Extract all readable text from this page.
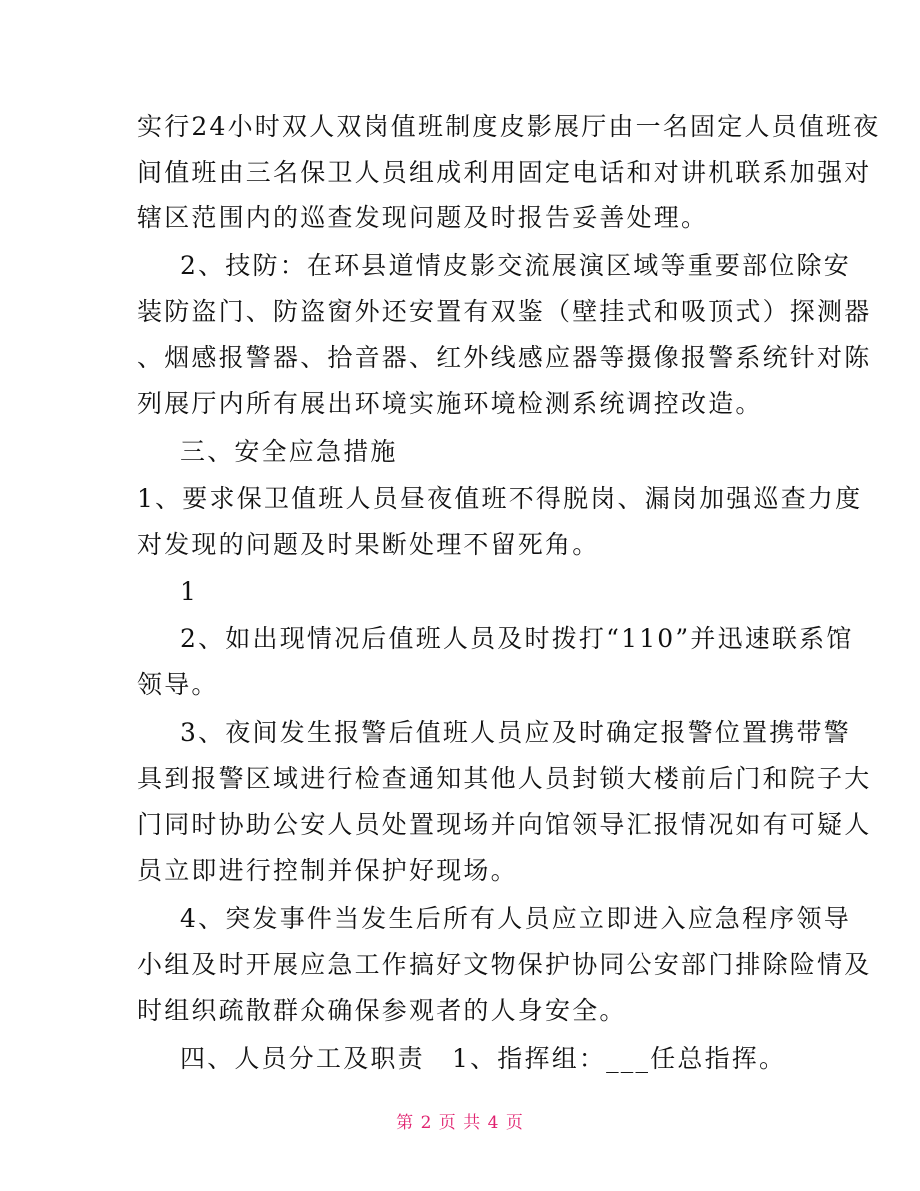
实行24小时双人双岗值班制度皮影展厅由一名固定人员值班夜
间值班由三名保卫人员组成利用固定电话和对讲机联系加强对
辖区范围内的巡查发现问题及时报告妥善处理。
2、技防：在环县道情皮影交流展演区域等重要部位除安
装防盗门、防盗窗外还安置有双鉴（壁挂式和吸顶式）探测器
、烟感报警器、拾音器、红外线感应器等摄像报警系统针对陈
列展厅内所有展出环境实施环境检测系统调控改造。
三、安全应急措施
1、要求保卫值班人员昼夜值班不得脱岗、漏岗加强巡查力度
对发现的问题及时果断处理不留死角。
1
2、如出现情况后值班人员及时拨打“110”并迅速联系馆
领导。
3、夜间发生报警后值班人员应及时确定报警位置携带警
具到报警区域进行检查通知其他人员封锁大楼前后门和院子大
门同时协助公安人员处置现场并向馆领导汇报情况如有可疑人
员立即进行控制并保护好现场。
4、突发事件当发生后所有人员应立即进入应急程序领导
小组及时开展应急工作搞好文物保护协同公安部门排除险情及
时组织疏散群众确保参观者的人身安全。
四、人员分工及职责　1、指挥组：___任总指挥。
第 2 页 共 4 页
